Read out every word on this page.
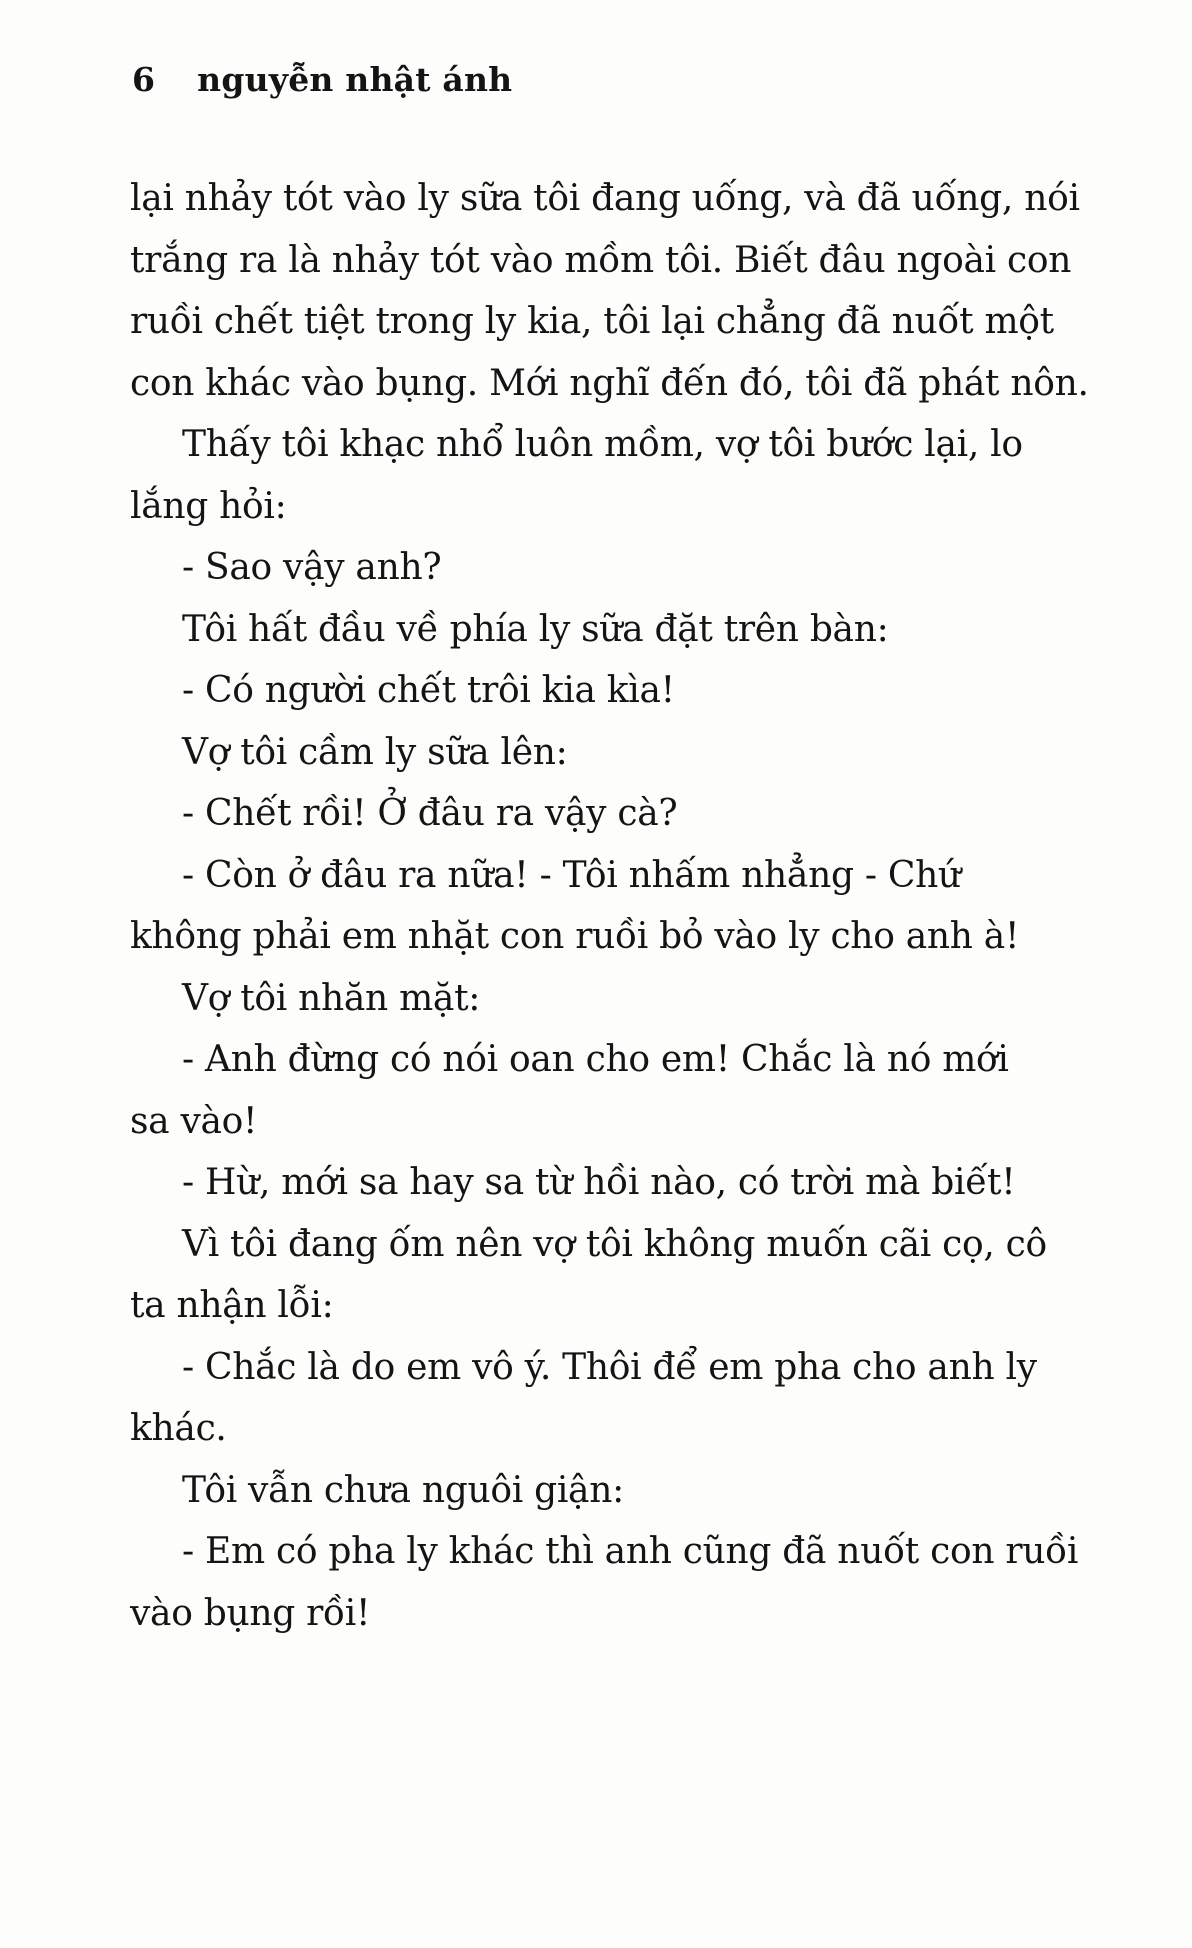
6 nguyễn nhật ánh

lại nhảy tót vào ly sữa tôi đang uống, và đã uống, nói
trắng ra là nhảy tót vào mồm tôi. Biết đâu ngoài con
ruồi chết tiệt trong ly kia, tôi lại chẳng đã nuốt một
con khác vào bụng. Mới nghĩ đến đó, tôi đã phát nôn.

Thấy tôi khạc nhổ luôn mồm, vợ tôi bước lại, lo
lắng hỏi:

- Sao vậy anh?

Tôi hất đầu về phía ly sữa đặt trên bàn:

- Có người chết trôi kia kìa!

Vợ tôi cầm ly sữa lên:

- Chết rồi! Ở đâu ra vậy cà?

- Còn ở đâu ra nữa! - Tôi nhấm nhẳng - Chứ
không phải em nhặt con ruồi bỏ vào ly cho anh à!

Vợ tôi nhăn mặt:

- Anh đừng có nói oan cho em! Chắc là nó mới
sa vào!

- Hừ, mới sa hay sa từ hồi nào, có trời mà biết!

Vì tôi đang ốm nên vợ tôi không muốn cãi cọ, cô
ta nhận lỗi:

- Chắc là do em vô ý. Thôi để em pha cho anh ly
khác.

Tôi vẫn chưa nguôi giận:

- Em có pha ly khác thì anh cũng đã nuốt con ruồi
vào bụng rồi!
